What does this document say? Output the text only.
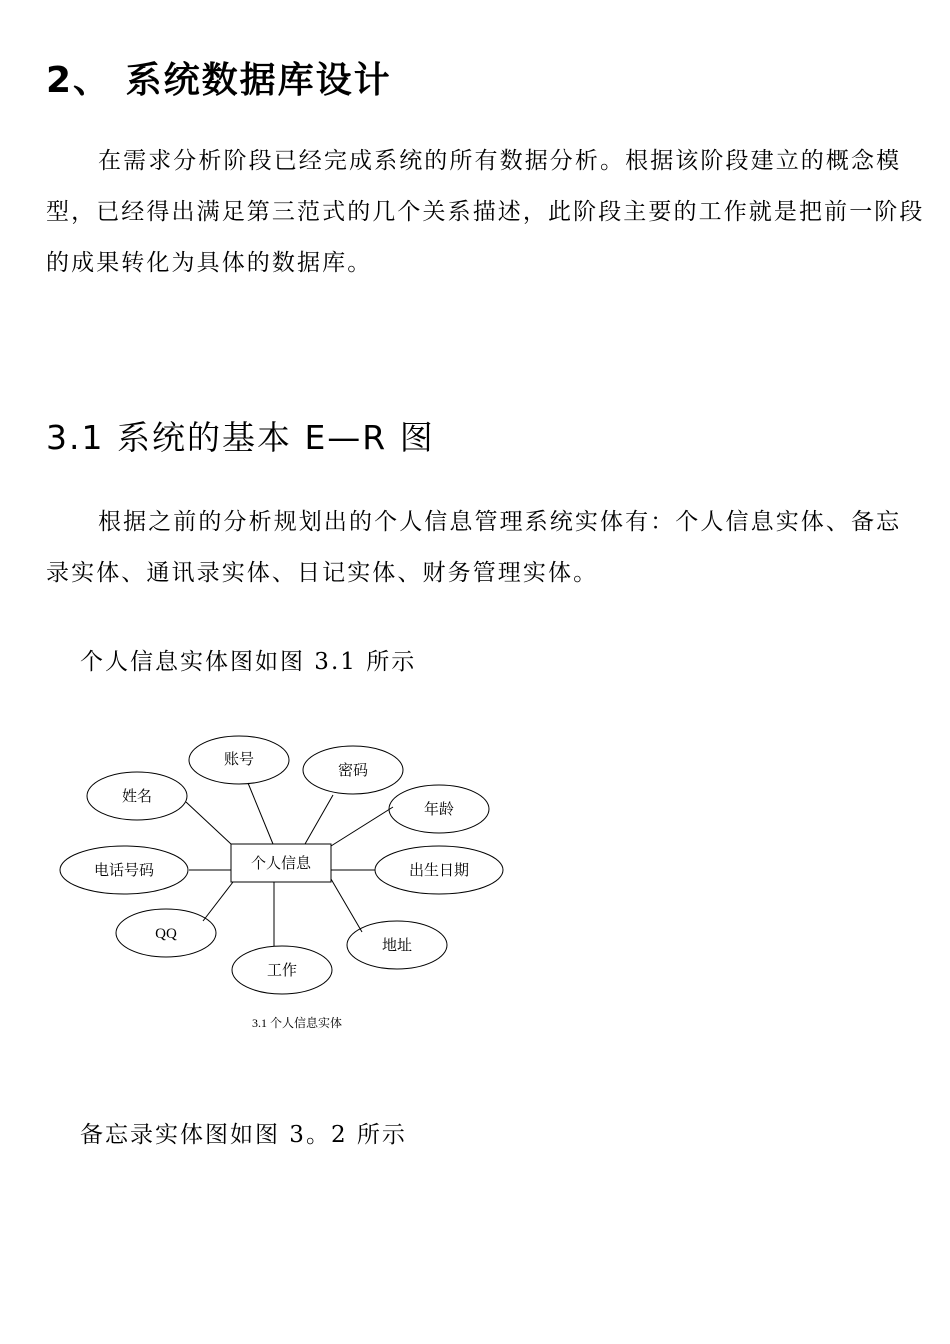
2、 系统数据库设计

在需求分析阶段已经完成系统的所有数据分析。根据该阶段建立的概念模型，已经得出满足第三范式的几个关系描述，此阶段主要的工作就是把前一阶段的成果转化为具体的数据库。

3.1 系统的基本 E—R 图

根据之前的分析规划出的个人信息管理系统实体有：个人信息实体、备忘录实体、通讯录实体、日记实体、财务管理实体。

个人信息实体图如图 3.1 所示

个人信息
账号
密码
年龄
姓名
电话号码	出生日期
QQ
地址
工作
3.1 个人信息实体

备忘录实体图如图 3。2 所示
